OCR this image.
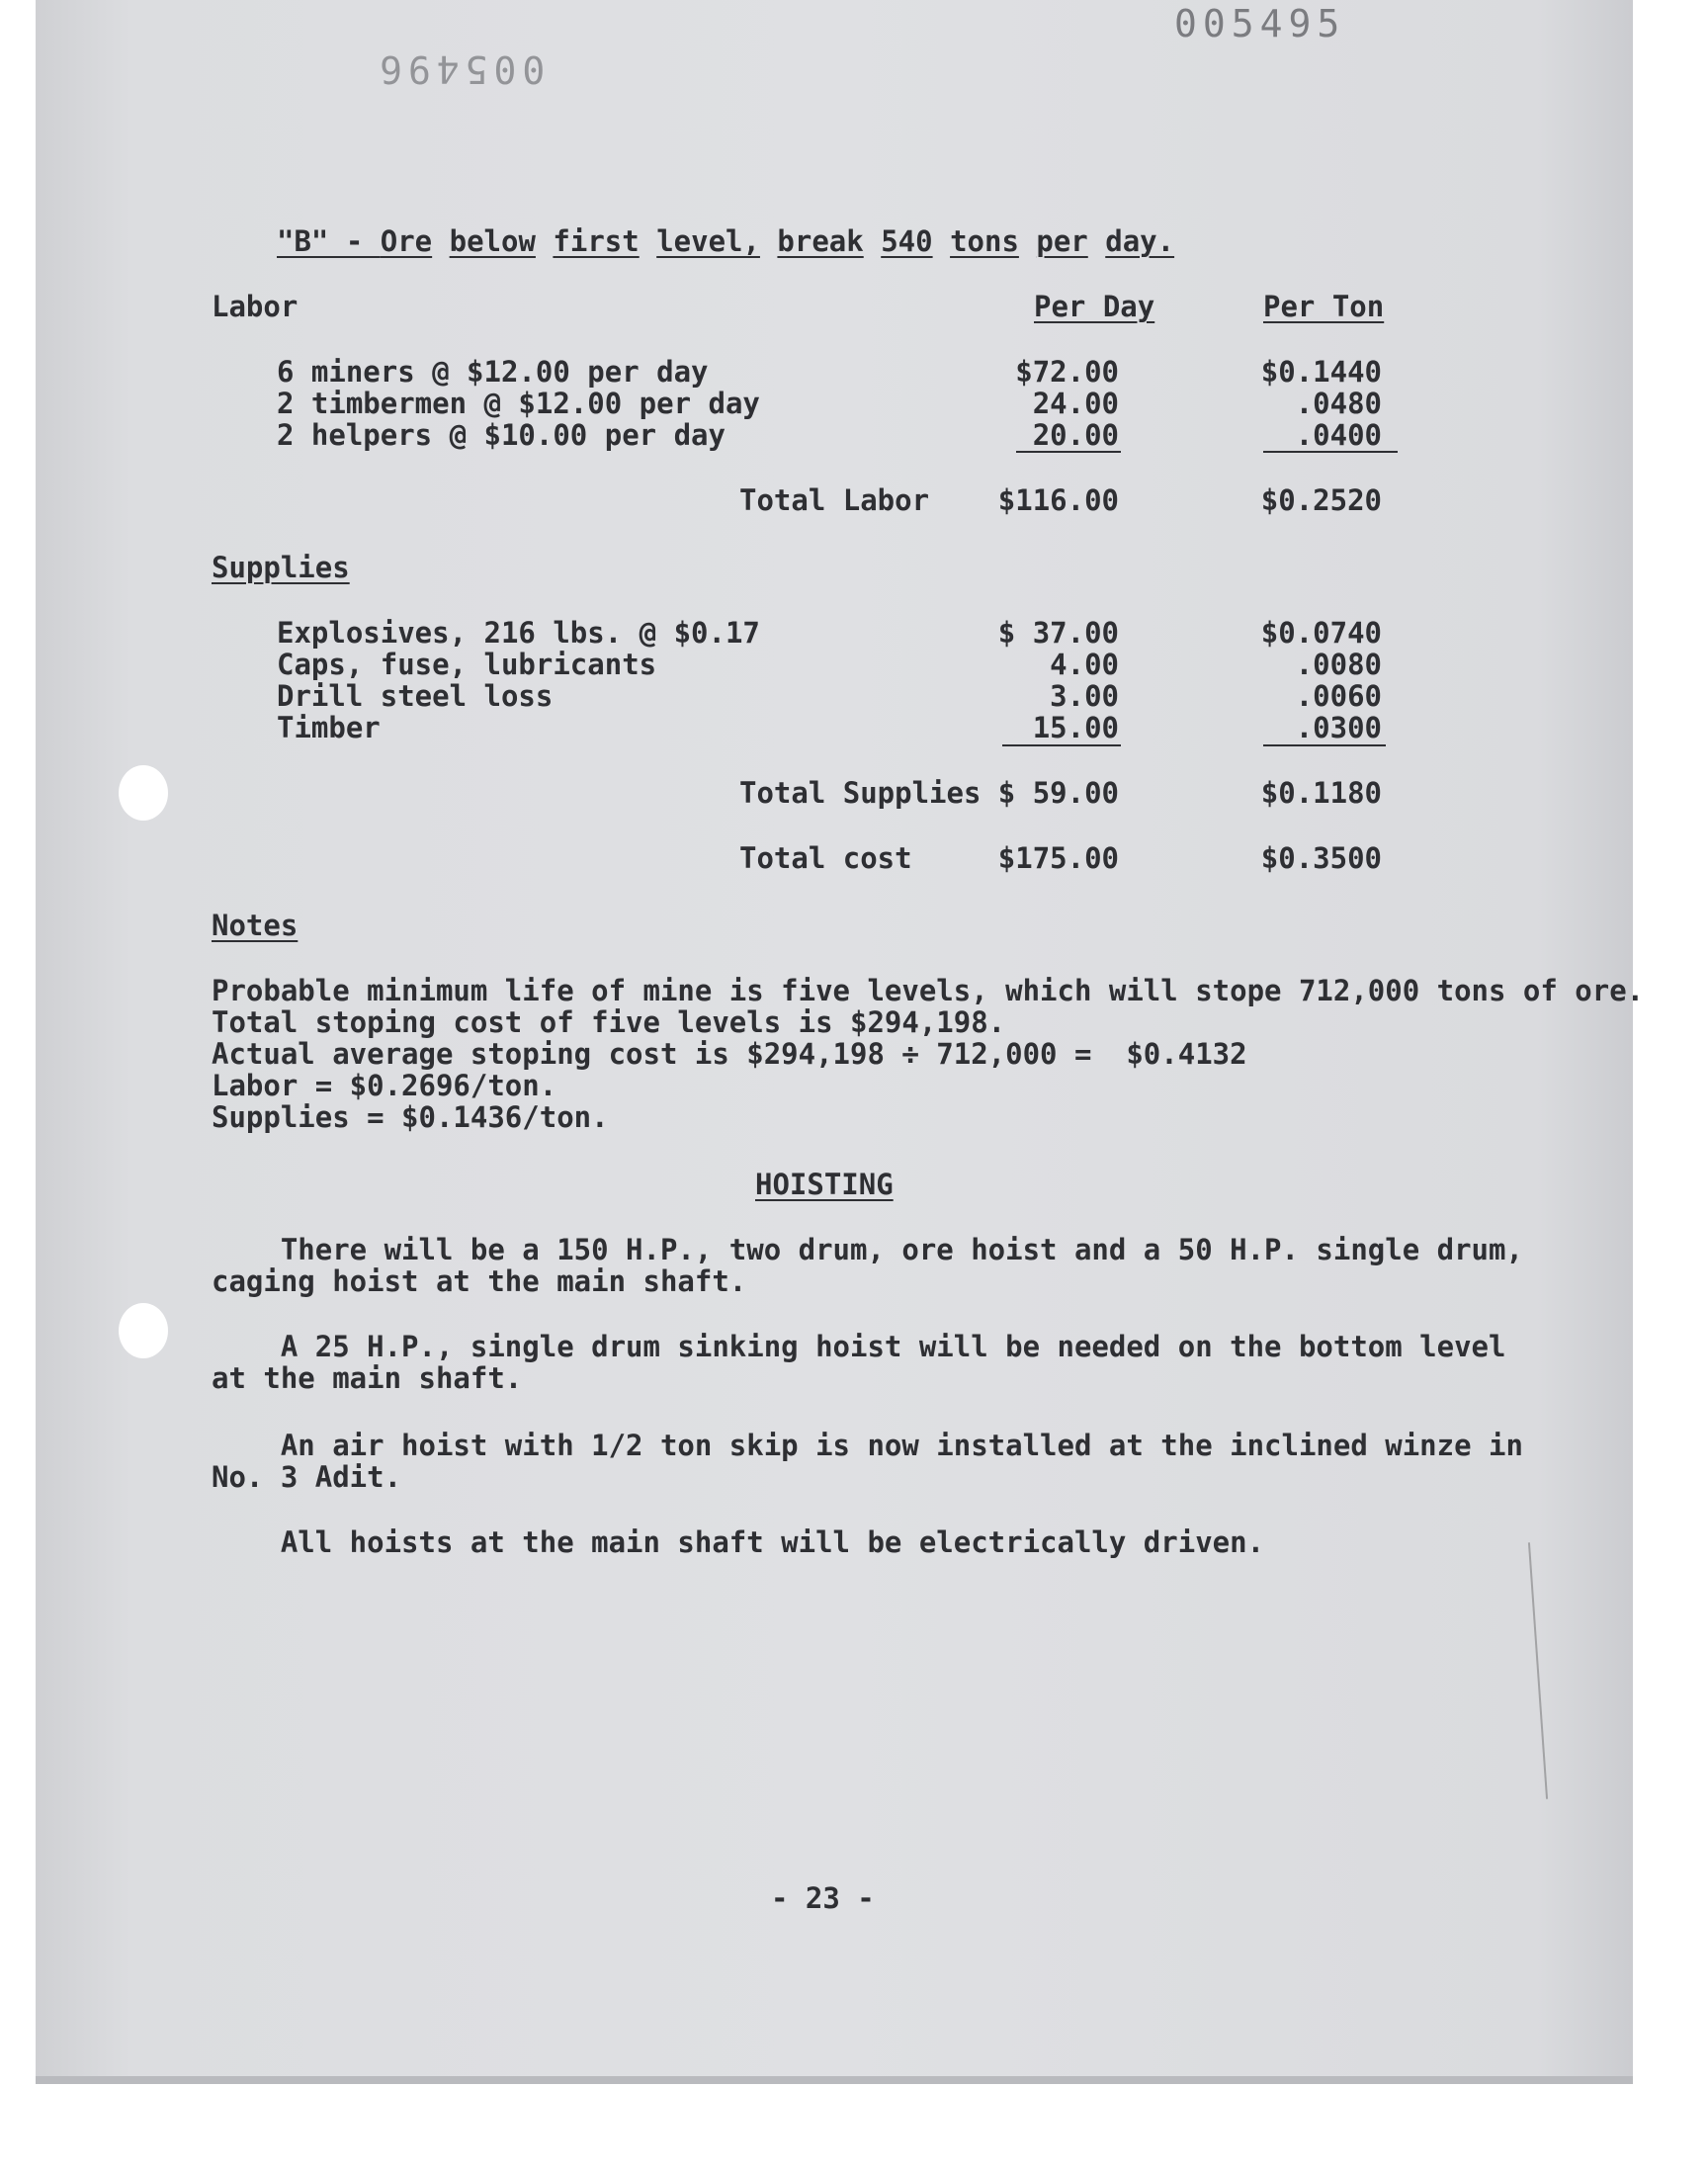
005495
005496
"B" - Ore below first level, break 540 tons per day.
Labor	Per Day	Per Ton
6 miners @ $12.00 per day	$72.00	$0.1440
2 timbermen @ $12.00 per day	24.00	.0480
2 helpers @ $10.00 per day	20.00	.0400
Total Labor	$116.00	$0.2520
Supplies
Explosives, 216 lbs. @ $0.17	$ 37.00	$0.0740
Caps, fuse, lubricants	4.00	.0080
Drill steel loss	3.00	.0060
Timber	15.00	.0300
Total Supplies $ 59.00	$0.1180
Total cost	$175.00	$0.3500
Notes
Probable minimum life of mine is five levels, which will stope 712,000 tons of ore.
Total stoping cost of five levels is $294,198.
Actual average stoping cost is $294,198 ÷ 712,000 =  $0.4132
Labor = $0.2696/ton.
Supplies = $0.1436/ton.
HOISTING
There will be a 150 H.P., two drum, ore hoist and a 50 H.P. single drum,
caging hoist at the main shaft.
A 25 H.P., single drum sinking hoist will be needed on the bottom level
at the main shaft.
An air hoist with 1/2 ton skip is now installed at the inclined winze in
No. 3 Adit.
All hoists at the main shaft will be electrically driven.
- 23 -
